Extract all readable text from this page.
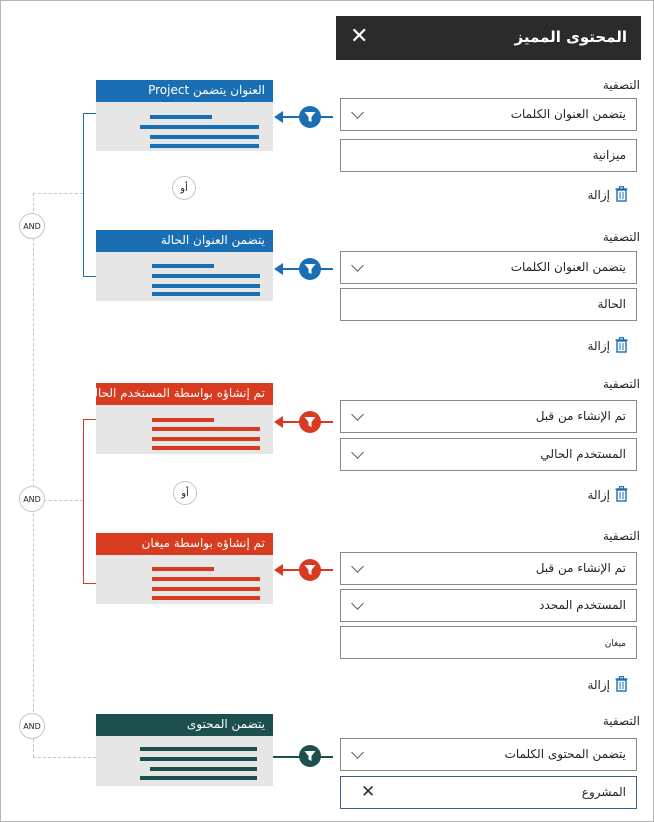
المحتوى المميز
✕
التصفية
يتضمن العنوان الكلمات
ميزانية
إزالة
التصفية
يتضمن العنوان الكلمات
الحالة
إزالة
التصفية
تم الإنشاء من قبل
المستخدم الحالي
إزالة
التصفية
تم الإنشاء من قبل
المستخدم المحدد
ميغان
إزالة
التصفية
يتضمن المحتوى الكلمات
المشروع
✕
العنوان يتضمن Project
يتضمن العنوان الحالة
تم إنشاؤه بواسطة المستخدم الحالي
تم إنشاؤه بواسطة ميغان
يتضمن المحتوى
AND
AND
AND
أو
أو
